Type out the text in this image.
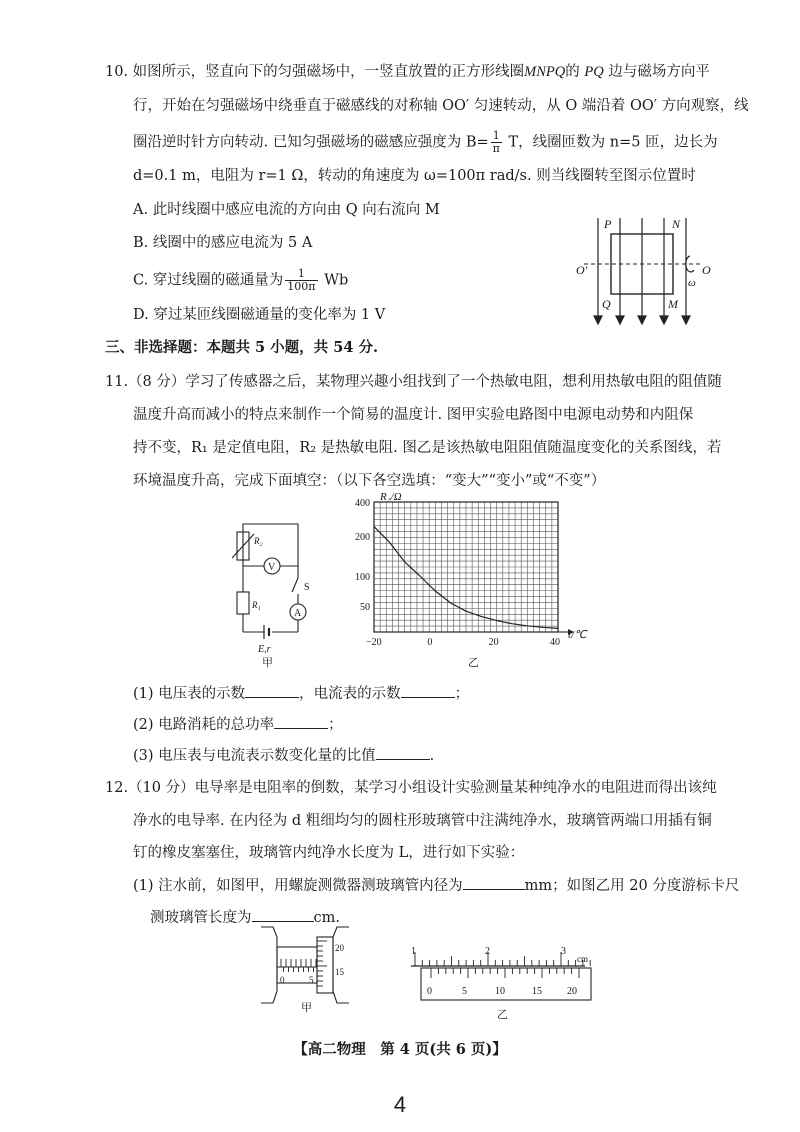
10. 如图所示，竖直向下的匀强磁场中，一竖直放置的正方形线圈MNPQ的 PQ 边与磁场方向平
行，开始在匀强磁场中绕垂直于磁感线的对称轴 OO′ 匀速转动，从 O 端沿着 OO′ 方向观察，线
圈沿逆时针方向转动. 已知匀强磁场的磁感应强度为 $B= \frac{1}{\pi}$ T，线圈匝数为 n=5 匝，边长为
d=0.1 m，电阻为 r=1 Ω，转动的角速度为 ω=100π rad/s. 则当线圈转至图示位置时
A. 此时线圈中感应电流的方向由 Q 向右流向 M
B. 线圈中的感应电流为 5 A
C. 穿过线圈的磁通量为 $\frac{1}{100\pi}$ Wb
D. 穿过某匝线圈磁通量的变化率为 1 V
P	N
Q	M
O′	O
ω
三、非选择题：本题共 5 小题，共 54 分.
11.（8 分）学习了传感器之后，某物理兴趣小组找到了一个热敏电阻，想利用热敏电阻的阻值随
温度升高而减小的特点来制作一个简易的温度计. 图甲实验电路图中电源电动势和内阻保
持不变，R₁ 是定值电阻，R₂ 是热敏电阻. 图乙是该热敏电阻阻值随温度变化的关系图线，若
环境温度升高，完成下面填空：（以下各空选填：“变大”“变小”或“不变”）
R₂
V
A
S
R₁
E,r
甲
−20	0	20	40
50
100
200
400
R₂/Ω
t/℃
乙
(1) 电压表的示数	，电流表的示数	；
(2) 电路消耗的总功率	；
(3) 电压表与电流表示数变化量的比值	.
12.（10 分）电导率是电阻率的倒数，某学习小组设计实验测量某种纯净水的电阻进而得出该纯
净水的电导率. 在内径为 d 粗细均匀的圆柱形玻璃管中注满纯净水，玻璃管两端口用插有铜
钉的橡皮塞塞住，玻璃管内纯净水长度为 L，进行如下实验：
(1) 注水前，如图甲，用螺旋测微器测玻璃管内径为	mm；如图乙用 20 分度游标卡尺
测玻璃管长度为	cm.
0	5
20
15
甲
1	2	3
cm
0	5	10	15	20
乙
【高二物理　第 4 页(共 6 页)】
4
